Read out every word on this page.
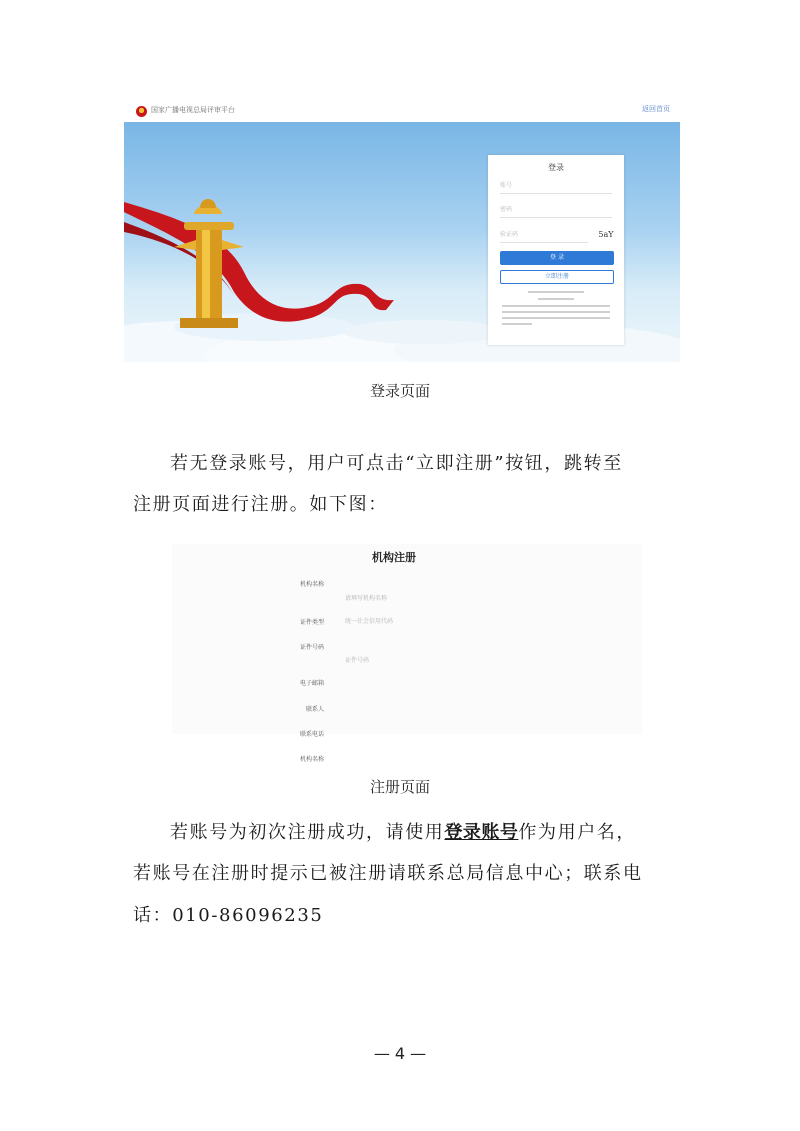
国家广播电视总局评审平台	返回首页
登录
账号
密码
验证码	5aY
登 录
立即注册
登录页面
若无登录账号，用户可点击“立即注册”按钮，跳转至
注册页面进行注册。如下图：
机构注册
机构名称
证件类型
证件号码
电子邮箱
联系人
联系电话
机构名称
请填写机构名称
统一社会信用代码
证件号码
注册页面
若账号为初次注册成功，请使用登录账号作为用户名，
若账号在注册时提示已被注册请联系总局信息中心；联系电
话：010-86096235
— 4 —
